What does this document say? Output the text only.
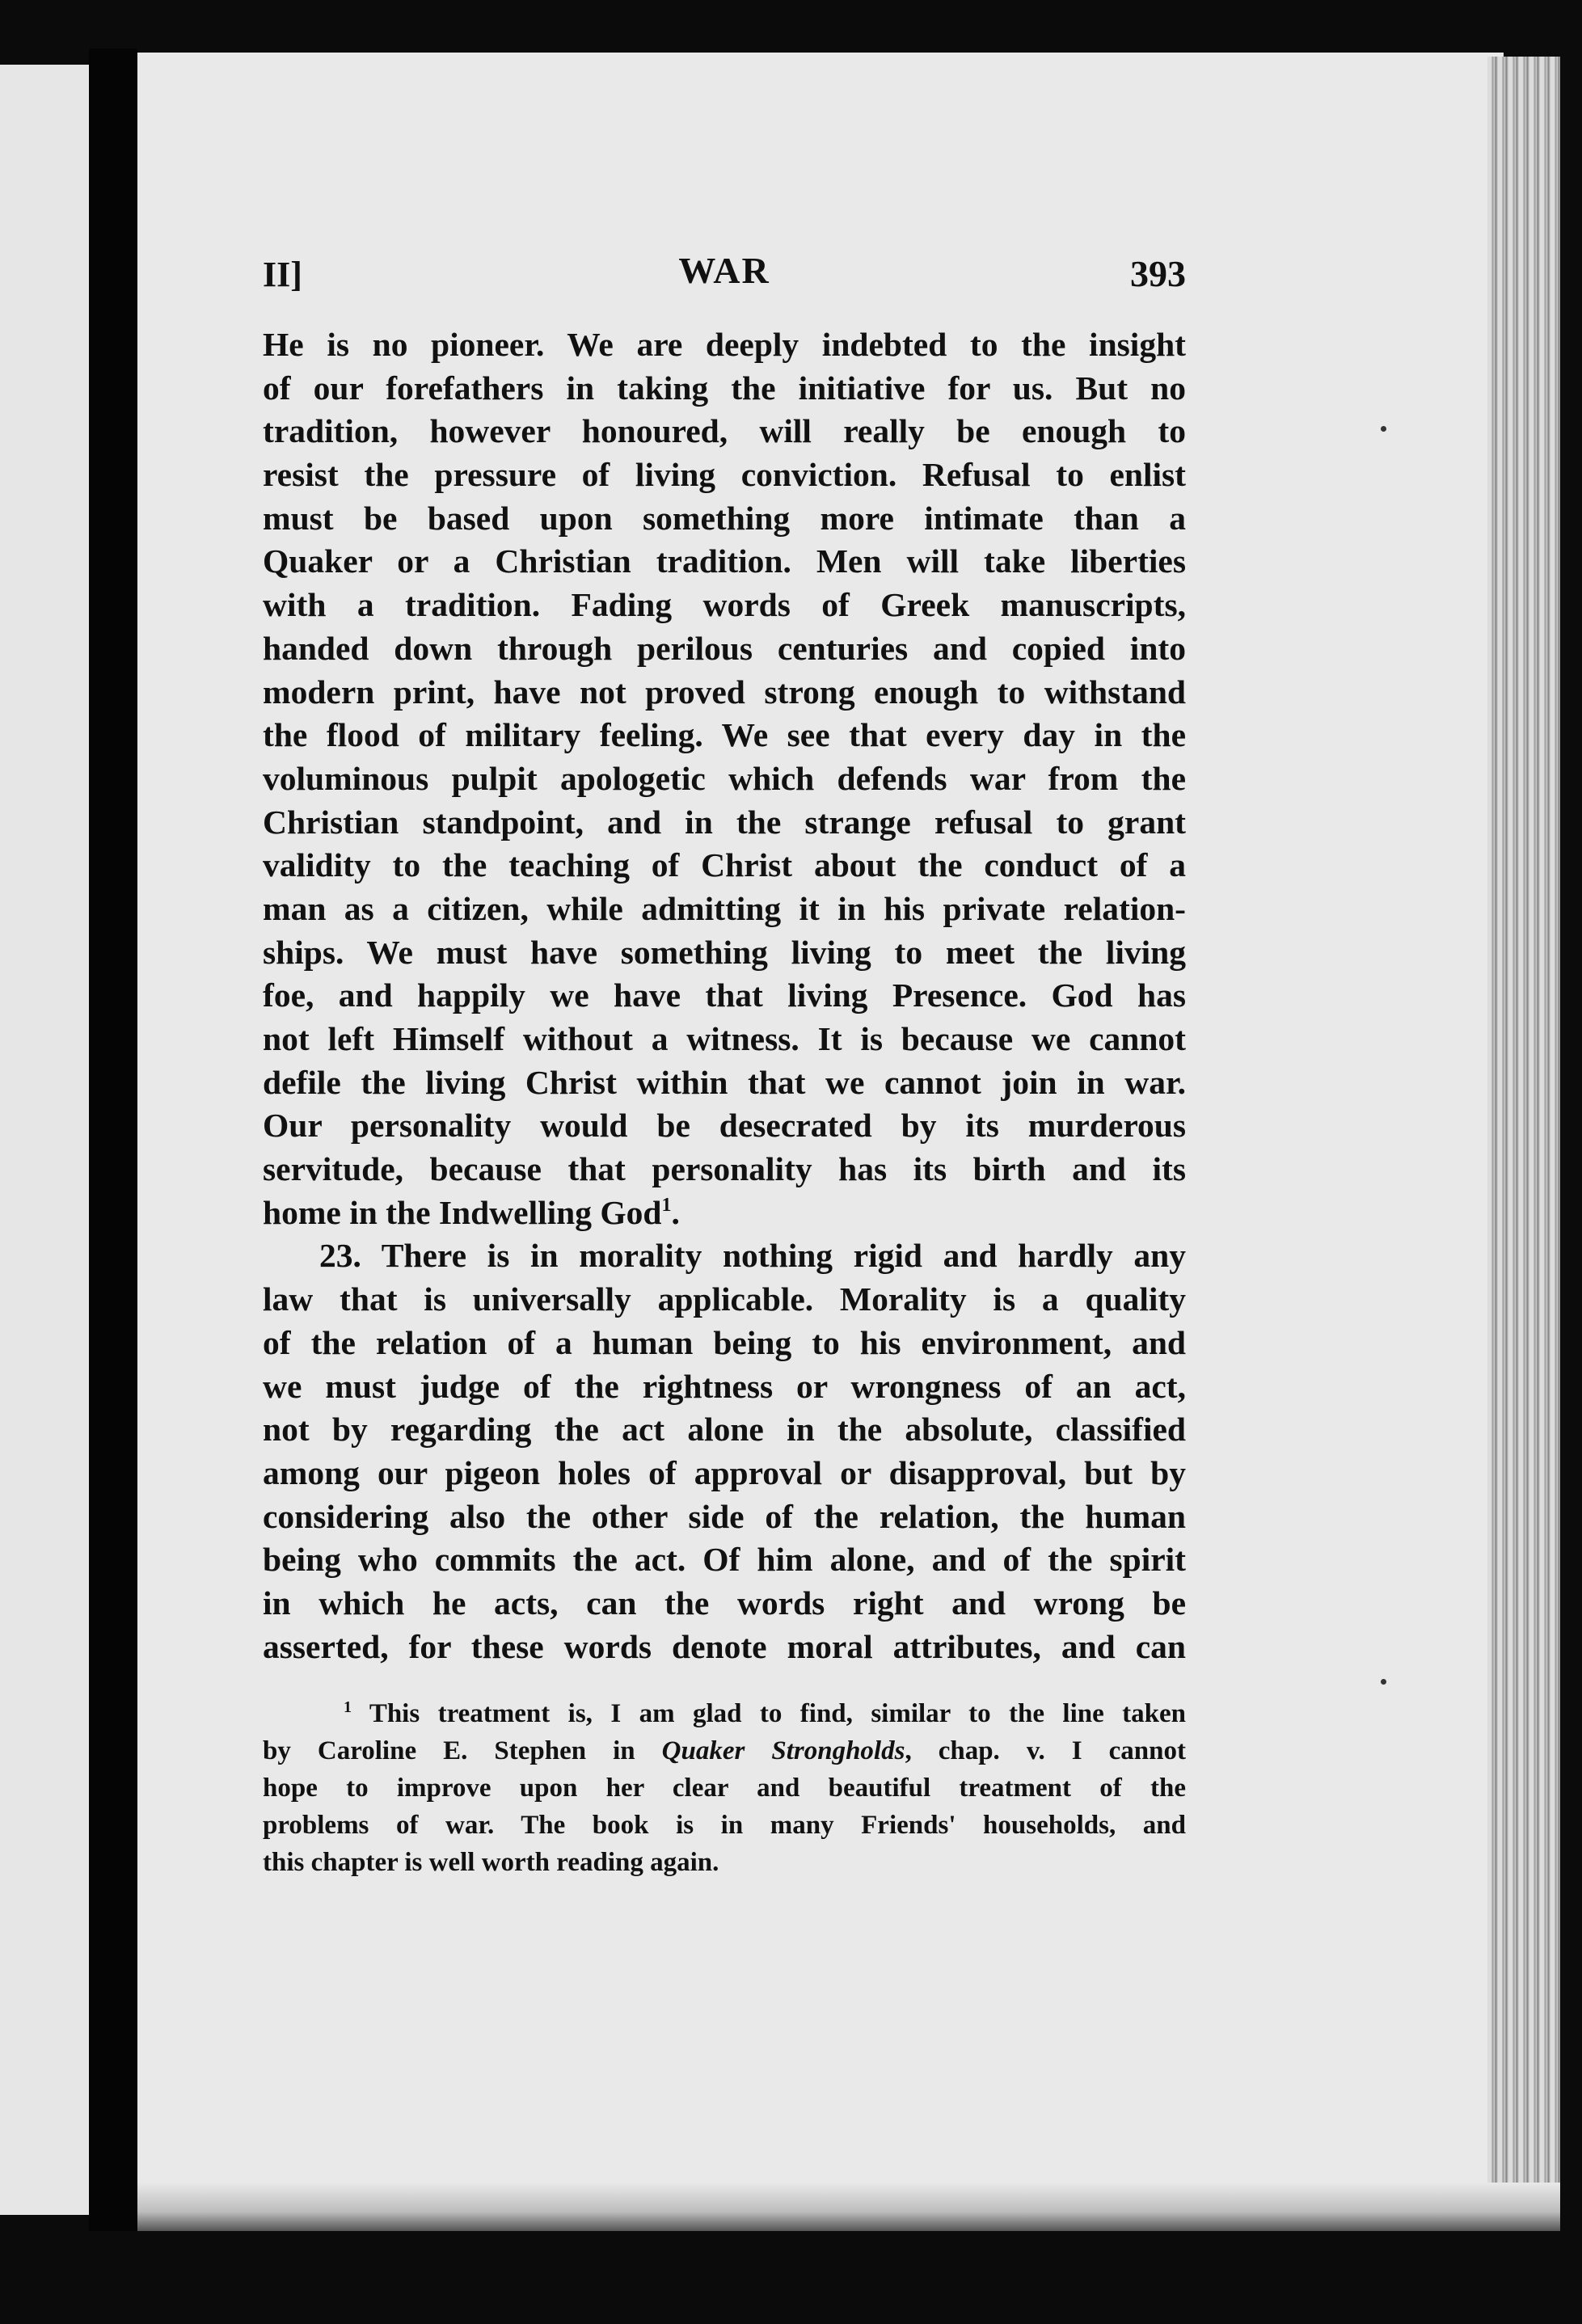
II]	WAR	393
He is no pioneer. We are deeply indebted to the insight
of our forefathers in taking the initiative for us. But no
tradition, however honoured, will really be enough to
resist the pressure of living conviction. Refusal to enlist
must be based upon something more intimate than a
Quaker or a Christian tradition. Men will take liberties
with a tradition. Fading words of Greek manuscripts,
handed down through perilous centuries and copied into
modern print, have not proved strong enough to withstand
the flood of military feeling. We see that every day in the
voluminous pulpit apologetic which defends war from the
Christian standpoint, and in the strange refusal to grant
validity to the teaching of Christ about the conduct of a
man as a citizen, while admitting it in his private relation-
ships. We must have something living to meet the living
foe, and happily we have that living Presence. God has
not left Himself without a witness. It is because we cannot
defile the living Christ within that we cannot join in war.
Our personality would be desecrated by its murderous
servitude, because that personality has its birth and its
home in the Indwelling God$^1$.
23. There is in morality nothing rigid and hardly any
law that is universally applicable. Morality is a quality
of the relation of a human being to his environment, and
we must judge of the rightness or wrongness of an act,
not by regarding the act alone in the absolute, classified
among our pigeon holes of approval or disapproval, but by
considering also the other side of the relation, the human
being who commits the act. Of him alone, and of the spirit
in which he acts, can the words right and wrong be
asserted, for these words denote moral attributes, and can
$^1$ This treatment is, I am glad to find, similar to the line taken
by Caroline E. Stephen in Quaker Strongholds, chap. v. I cannot
hope to improve upon her clear and beautiful treatment of the
problems of war. The book is in many Friends' households, and
this chapter is well worth reading again.
